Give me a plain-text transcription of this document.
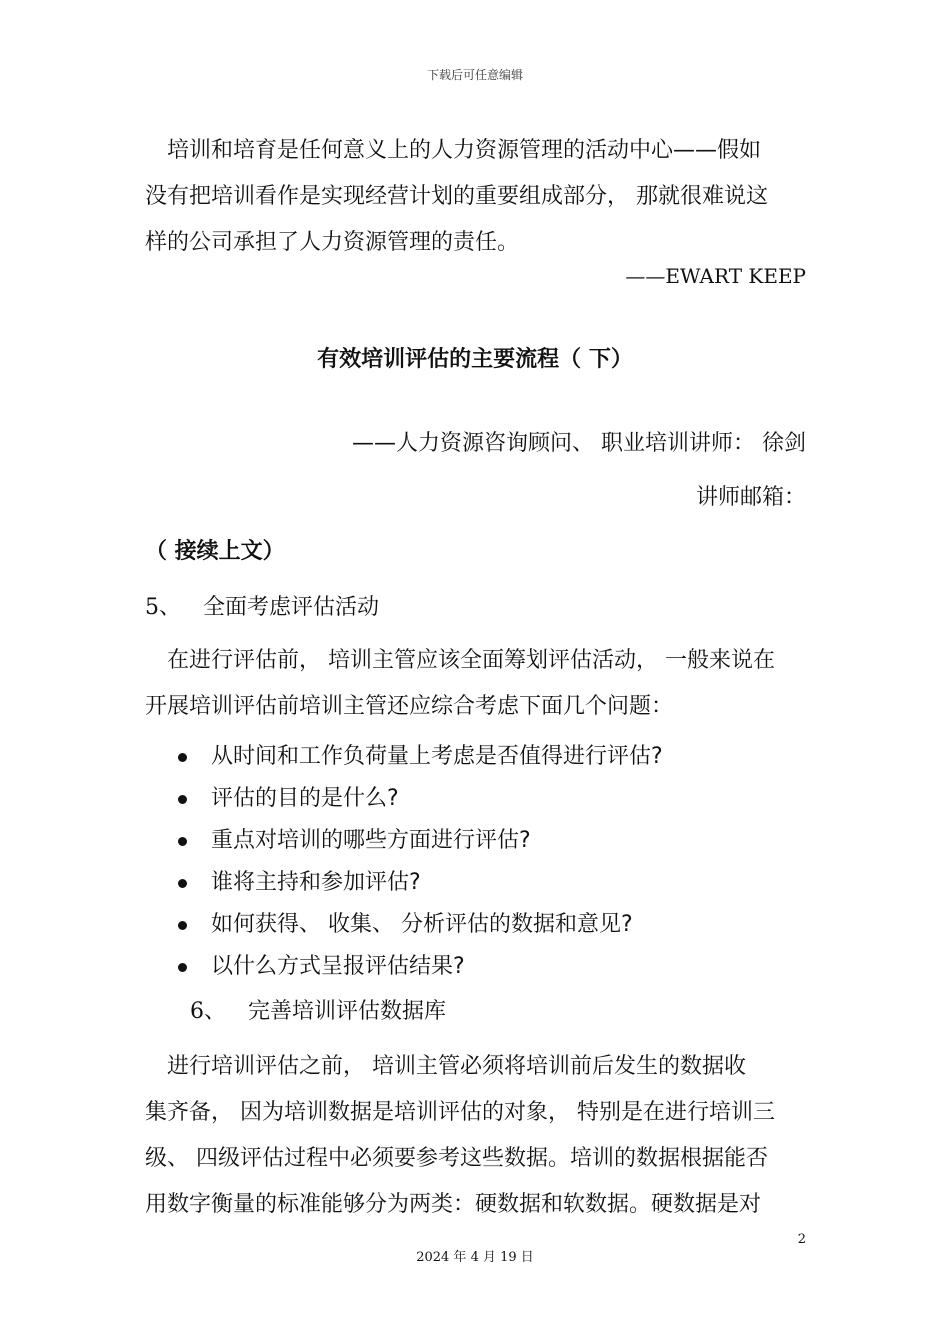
下载后可任意编辑
　培训和培育是任何意义上的人力资源管理的活动中心——假如
没有把培训看作是实现经营计划的重要组成部分， 那就很难说这
样的公司承担了人力资源管理的责任。
——EWART KEEP
有效培训评估的主要流程（ 下）
——人力资源咨询顾问、 职业培训讲师： 徐剑
讲师邮箱：
（ 接续上文）
5、 全面考虑评估活动
　在进行评估前， 培训主管应该全面筹划评估活动， 一般来说在
开展培训评估前培训主管还应综合考虑下面几个问题：
从时间和工作负荷量上考虑是否值得进行评估?
评估的目的是什么?
重点对培训的哪些方面进行评估?
谁将主持和参加评估?
如何获得、 收集、 分析评估的数据和意见?
以什么方式呈报评估结果?
6、 完善培训评估数据库
　进行培训评估之前， 培训主管必须将培训前后发生的数据收
集齐备， 因为培训数据是培训评估的对象， 特别是在进行培训三
级、 四级评估过程中必须要参考这些数据。培训的数据根据能否
用数字衡量的标准能够分为两类：硬数据和软数据。硬数据是对
2
2024 年 4 月 19 日
